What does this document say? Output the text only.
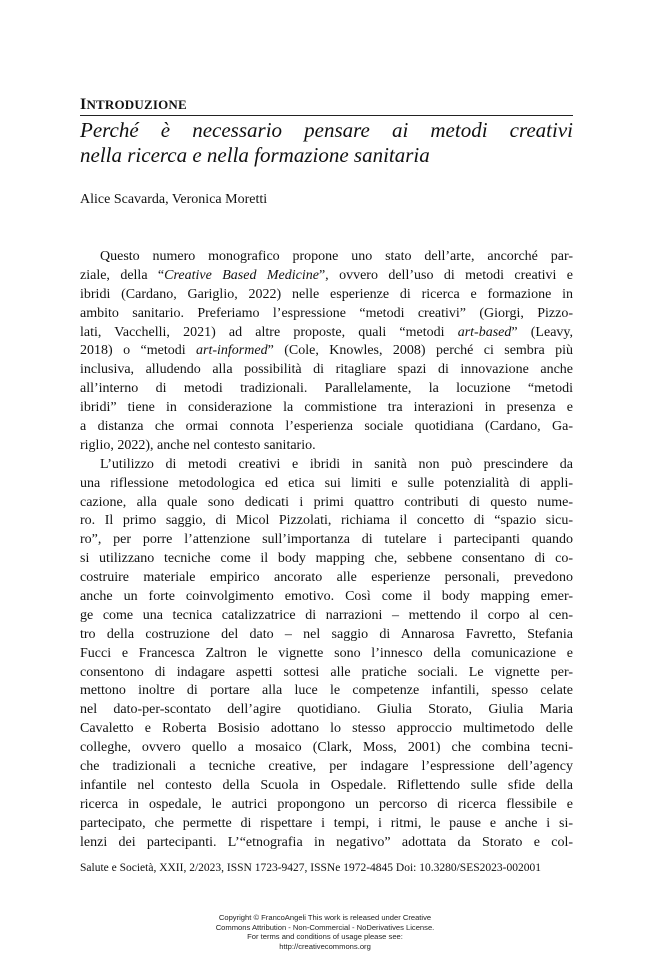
INTRODUZIONE
Perché è necessario pensare ai metodi creativi
nella ricerca e nella formazione sanitaria
Alice Scavarda, Veronica Moretti
Questo numero monografico propone uno stato dell’arte, ancorché par-
ziale, della “Creative Based Medicine”, ovvero dell’uso di metodi creativi e
ibridi (Cardano, Gariglio, 2022) nelle esperienze di ricerca e formazione in
ambito sanitario. Preferiamo l’espressione “metodi creativi” (Giorgi, Pizzo-
lati, Vacchelli, 2021) ad altre proposte, quali “metodi art-based” (Leavy,
2018) o “metodi art-informed” (Cole, Knowles, 2008) perché ci sembra più
inclusiva, alludendo alla possibilità di ritagliare spazi di innovazione anche
all’interno di metodi tradizionali. Parallelamente, la locuzione “metodi
ibridi” tiene in considerazione la commistione tra interazioni in presenza e
a distanza che ormai connota l’esperienza sociale quotidiana (Cardano, Ga-
riglio, 2022), anche nel contesto sanitario.
L’utilizzo di metodi creativi e ibridi in sanità non può prescindere da
una riflessione metodologica ed etica sui limiti e sulle potenzialità di appli-
cazione, alla quale sono dedicati i primi quattro contributi di questo nume-
ro. Il primo saggio, di Micol Pizzolati, richiama il concetto di “spazio sicu-
ro”, per porre l’attenzione sull’importanza di tutelare i partecipanti quando
si utilizzano tecniche come il body mapping che, sebbene consentano di co-
costruire materiale empirico ancorato alle esperienze personali, prevedono
anche un forte coinvolgimento emotivo. Così come il body mapping emer-
ge come una tecnica catalizzatrice di narrazioni – mettendo il corpo al cen-
tro della costruzione del dato – nel saggio di Annarosa Favretto, Stefania
Fucci e Francesca Zaltron le vignette sono l’innesco della comunicazione e
consentono di indagare aspetti sottesi alle pratiche sociali. Le vignette per-
mettono inoltre di portare alla luce le competenze infantili, spesso celate
nel dato-per-scontato dell’agire quotidiano. Giulia Storato, Giulia Maria
Cavaletto e Roberta Bosisio adottano lo stesso approccio multimetodo delle
colleghe, ovvero quello a mosaico (Clark, Moss, 2001) che combina tecni-
che tradizionali a tecniche creative, per indagare l’espressione dell’agency
infantile nel contesto della Scuola in Ospedale. Riflettendo sulle sfide della
ricerca in ospedale, le autrici propongono un percorso di ricerca flessibile e
partecipato, che permette di rispettare i tempi, i ritmi, le pause e anche i si-
lenzi dei partecipanti. L’“etnografia in negativo” adottata da Storato e col-
Salute e Società, XXII, 2/2023, ISSN 1723-9427, ISSNe 1972-4845 Doi: 10.3280/SES2023-002001
Copyright © FrancoAngeli This work is released under Creative
Commons Attribution - Non-Commercial - NoDerivatives License.
For terms and conditions of usage please see:
http://creativecommons.org
